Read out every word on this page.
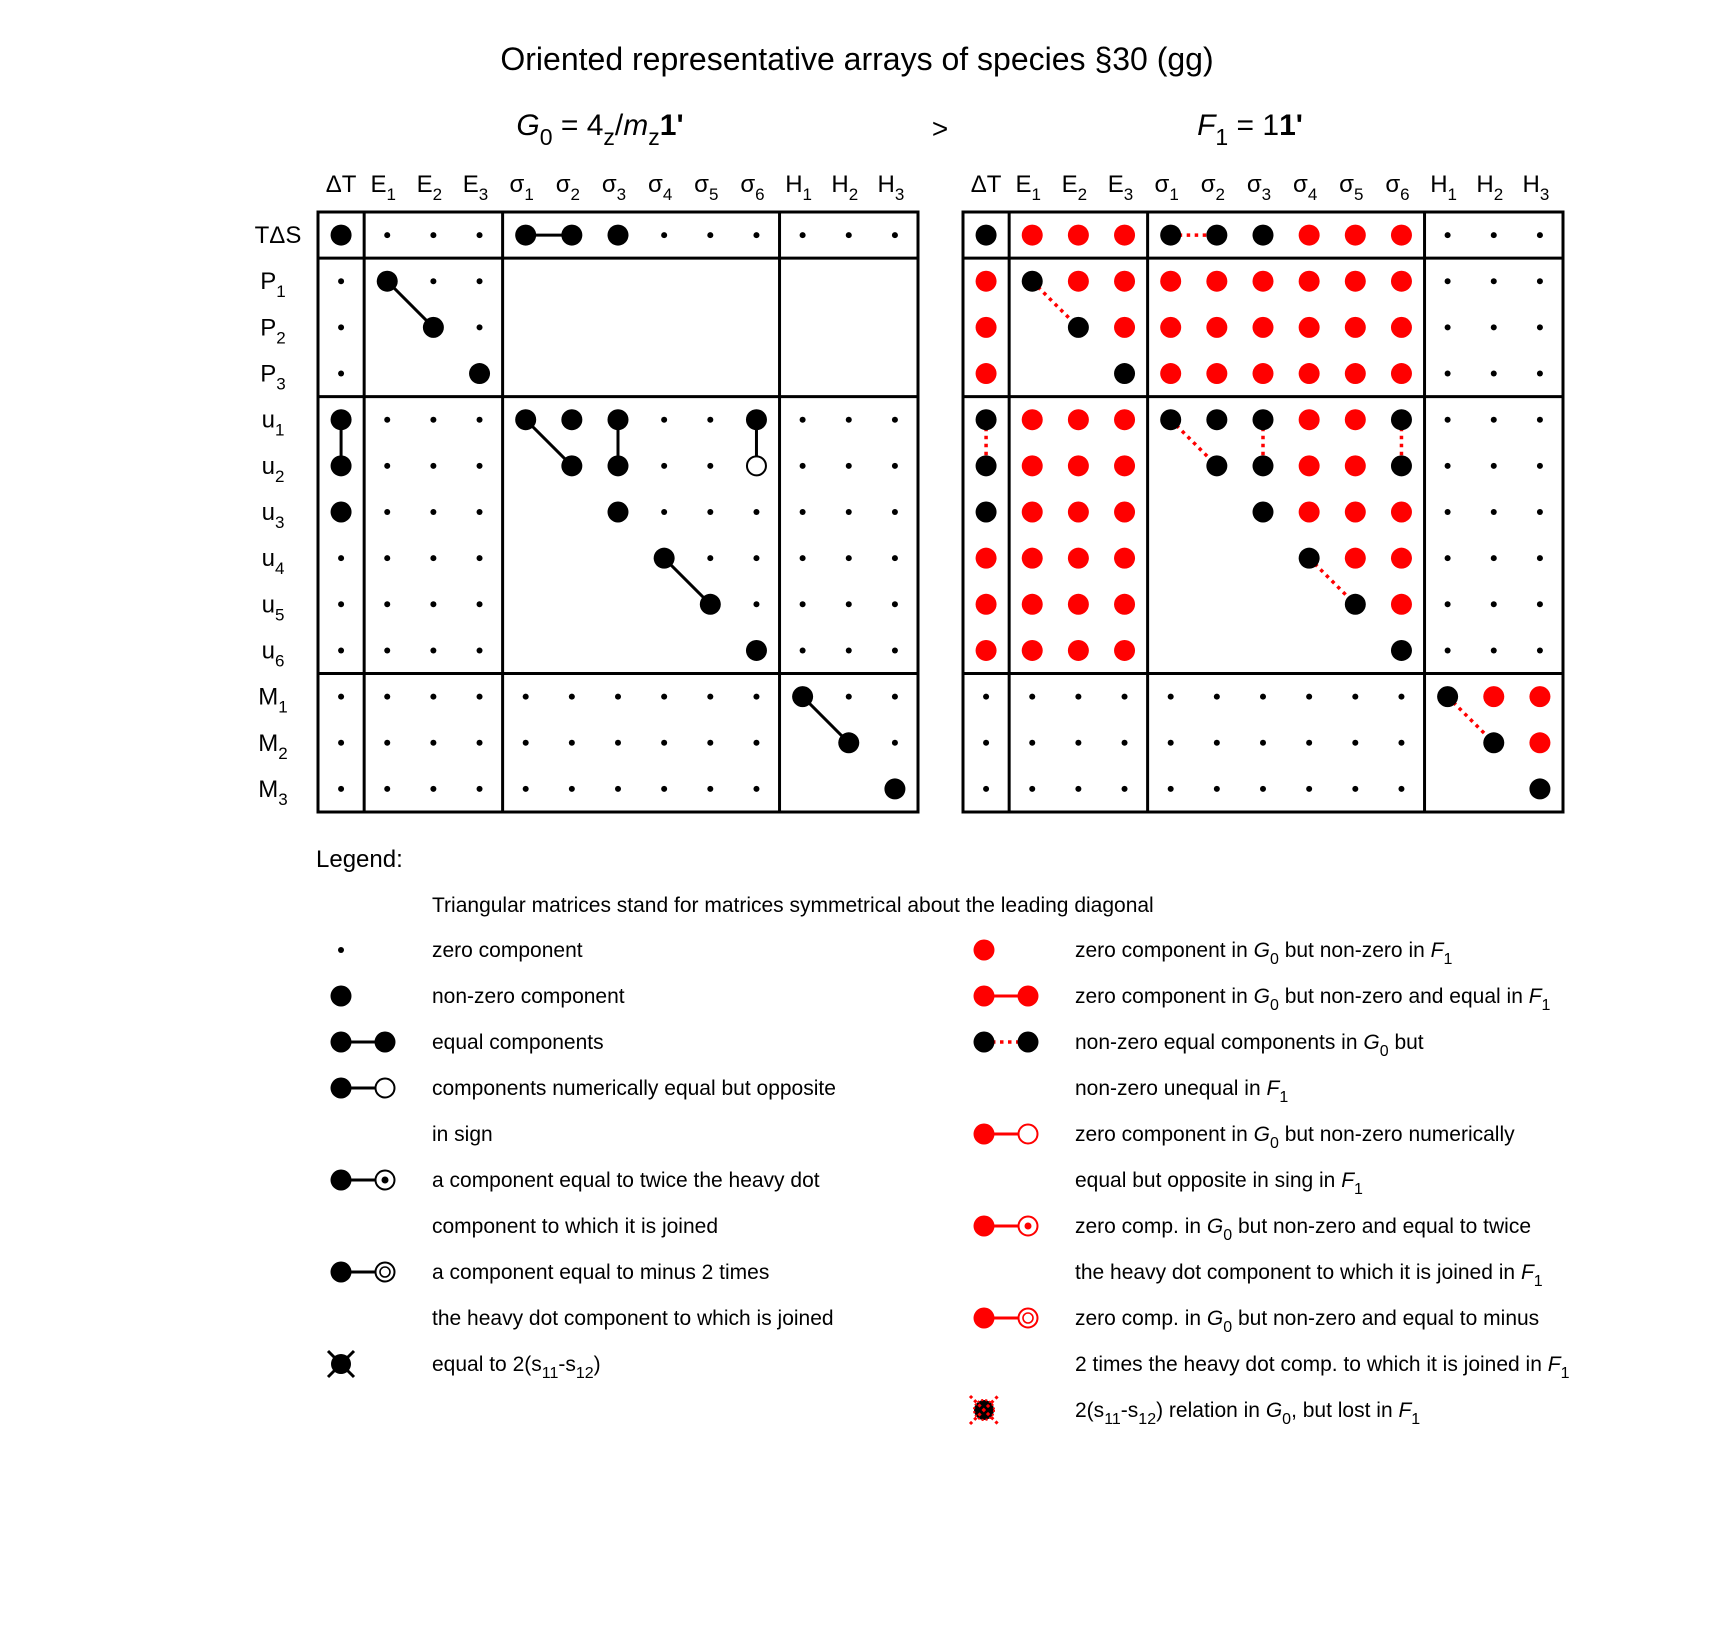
Oriented representative arrays of species §30 (gg)
$G_0 = 4_z/m_z1'$	>	$F_1 = 11'$
ΔT $E_1$ $E_2$ $E_3$ $\sigma_1$ $\sigma_2$ $\sigma_3$ $\sigma_4$ $\sigma_5$ $\sigma_6$ $H_1$ $H_2$ $H_3$
TΔS
$P_1$
$P_2$
$P_3$
$u_1$
$u_2$
$u_3$
$u_4$
$u_5$
$u_6$
$M_1$
$M_2$
$M_3$
ΔT $E_1$ $E_2$ $E_3$ $\sigma_1$ $\sigma_2$ $\sigma_3$ $\sigma_4$ $\sigma_5$ $\sigma_6$ $H_1$ $H_2$ $H_3$
Legend:
Triangular matrices stand for matrices symmetrical about the leading diagonal
zero component
non-zero component
equal components
components numerically equal but opposite
in sign
a component equal to twice the heavy dot
component to which it is joined
a component equal to minus 2 times
the heavy dot component to which is joined
equal to $2(s_{11}-s_{12})$
zero component in $G_0$ but non-zero in $F_1$
zero component in $G_0$ but non-zero and equal in $F_1$
non-zero equal components in $G_0$ but
non-zero unequal in $F_1$
zero component in $G_0$ but non-zero numerically
equal but opposite in sing in $F_1$
zero comp. in $G_0$ but non-zero and equal to twice
the heavy dot component to which it is joined in $F_1$
zero comp. in $G_0$ but non-zero and equal to minus
2 times the heavy dot comp. to which it is joined in $F_1$
$2(s_{11}-s_{12})$ relation in $G_0$, but lost in $F_1$
